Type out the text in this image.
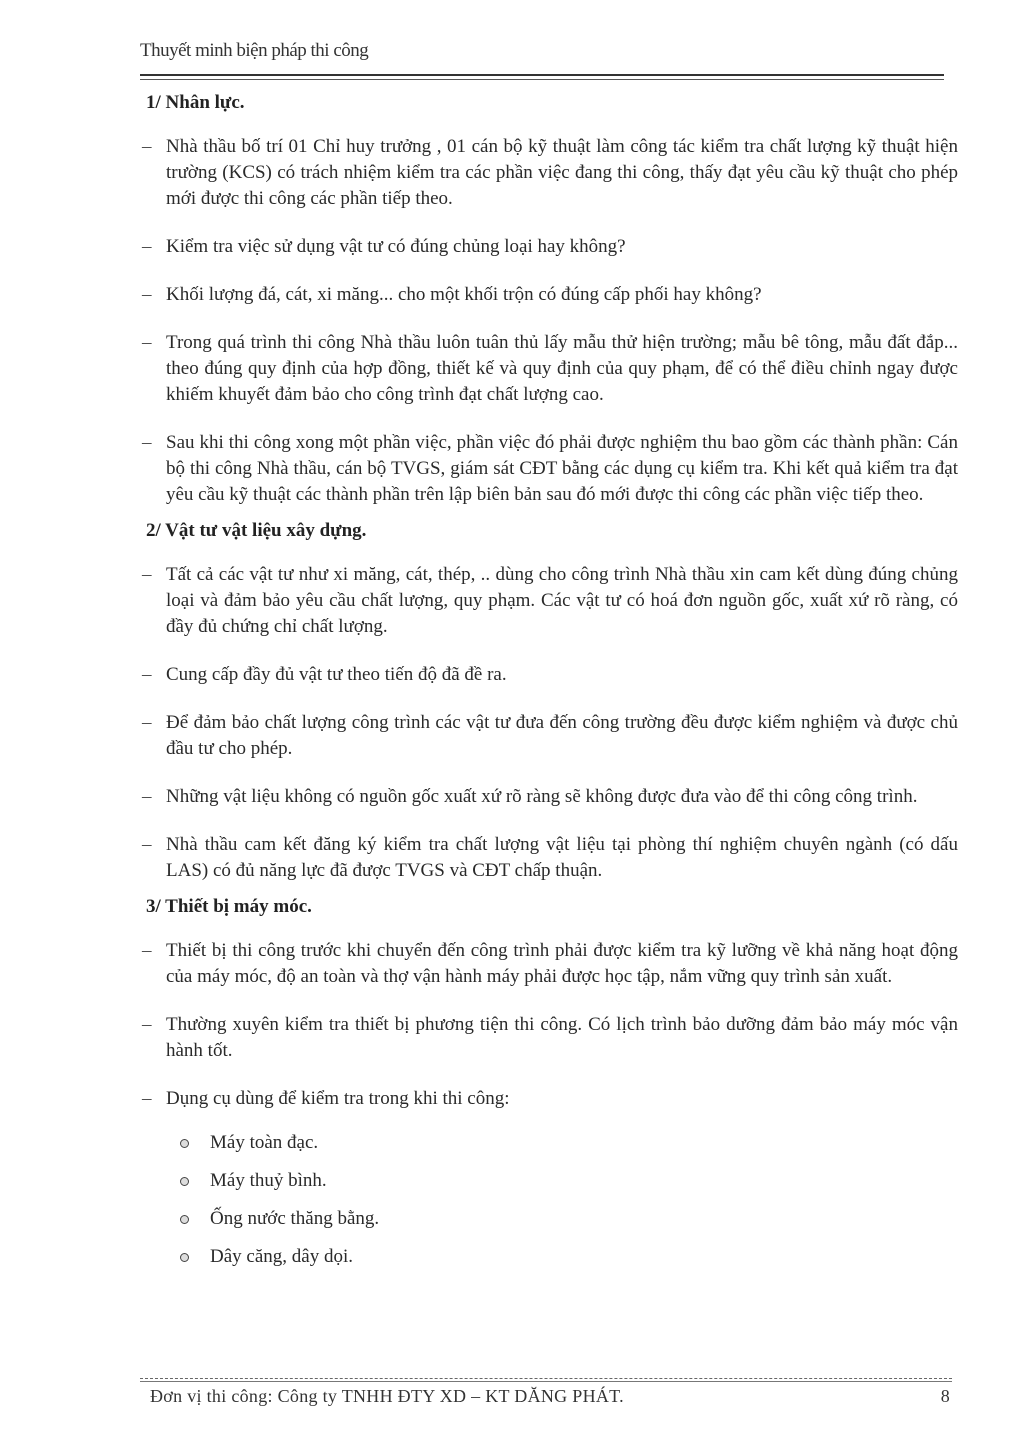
Thuyết minh biện pháp thi công
1/ Nhân lực.
– Nhà thầu bố trí 01 Chỉ huy trưởng , 01 cán bộ kỹ thuật làm công tác kiểm tra chất lượng kỹ thuật hiện trường (KCS) có trách nhiệm kiểm tra các phần việc đang thi công, thấy đạt yêu cầu kỹ thuật cho phép mới được thi công các phần tiếp theo.
– Kiểm tra việc sử dụng vật tư có đúng chủng loại hay không?
– Khối lượng đá, cát, xi măng... cho một khối trộn có đúng cấp phối hay không?
– Trong quá trình thi công Nhà thầu luôn tuân thủ lấy mẫu thử hiện trường; mẫu bê tông, mẫu đất đắp... theo đúng quy định của hợp đồng, thiết kế và quy định của quy phạm, để có thể điều chỉnh ngay được khiếm khuyết đảm bảo cho công trình đạt chất lượng cao.
– Sau khi thi công xong một phần việc, phần việc đó phải được nghiệm thu bao gồm các thành phần: Cán bộ thi công Nhà thầu, cán bộ TVGS, giám sát CĐT bằng các dụng cụ kiểm tra. Khi kết quả kiểm tra đạt yêu cầu kỹ thuật các thành phần trên lập biên bản sau đó mới được thi công các phần việc tiếp theo.
2/ Vật tư vật liệu xây dựng.
– Tất cả các vật tư như xi măng, cát, thép, .. dùng cho công trình Nhà thầu xin cam kết dùng đúng chủng loại và đảm bảo yêu cầu chất lượng, quy phạm. Các vật tư có hoá đơn nguồn gốc, xuất xứ rõ ràng, có đầy đủ chứng chỉ chất lượng.
– Cung cấp đầy đủ vật tư theo tiến độ đã đề ra.
– Để đảm bảo chất lượng công trình các vật tư đưa đến công trường đều được kiểm nghiệm và được chủ đầu tư cho phép.
– Những vật liệu không có nguồn gốc xuất xứ rõ ràng sẽ không được đưa vào để thi công công trình.
– Nhà thầu cam kết đăng ký kiểm tra chất lượng vật liệu tại phòng thí nghiệm chuyên ngành (có dấu LAS) có đủ năng lực đã được TVGS và CĐT chấp thuận.
3/ Thiết bị máy móc.
– Thiết bị thi công trước khi chuyển đến công trình phải được kiểm tra kỹ lưỡng về khả năng hoạt động của máy móc, độ an toàn và thợ vận hành máy phải được học tập, nắm vững quy trình sản xuất.
– Thường xuyên kiểm tra thiết bị phương tiện thi công. Có lịch trình bảo dưỡng đảm bảo máy móc vận hành tốt.
– Dụng cụ dùng để kiểm tra trong khi thi công:
Máy toàn đạc.
Máy thuỷ bình.
Ống nước thăng bằng.
Dây căng, dây dọi.
Đơn vị thi công: Công ty TNHH ĐTY XD – KT DĂNG PHÁT.	8
